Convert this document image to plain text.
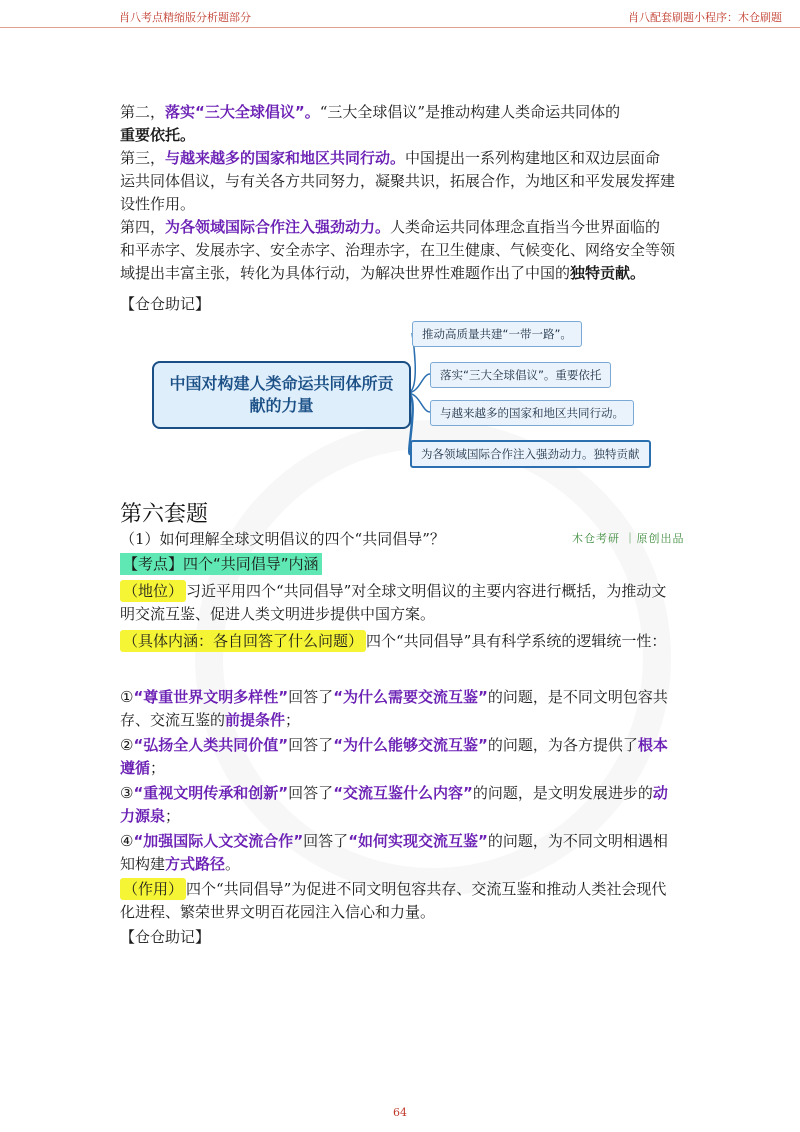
肖八考点精缩版分析题部分	肖八配套刷题小程序：木仓刷题
第二，落实“三大全球倡议”。“三大全球倡议”是推动构建人类命运共同体的
重要依托。
第三，与越来越多的国家和地区共同行动。中国提出一系列构建地区和双边层面命运共同体倡议，与有关各方共同努力，凝聚共识，拓展合作，为地区和平发展发挥建设性作用。
第四，为各领域国际合作注入强劲动力。人类命运共同体理念直指当今世界面临的和平赤字、发展赤字、安全赤字、治理赤字，在卫生健康、气候变化、网络安全等领域提出丰富主张，转化为具体行动，为解决世界性难题作出了中国的独特贡献。
【仓仓助记】
中国对构建人类命运共同体所贡献的力量
推动高质量共建“一带一路”。
落实“三大全球倡议”。重要依托
与越来越多的国家和地区共同行动。
为各领域国际合作注入强劲动力。独特贡献
第六套题
（1）如何理解全球文明倡议的四个“共同倡导”？	木仓考研 ｜原创出品
【考点】四个“共同倡导”内涵
（地位） 习近平用四个“共同倡导”对全球文明倡议的主要内容进行概括，为推动文明交流互鉴、促进人类文明进步提供中国方案。
（具体内涵：各自回答了什么问题） 四个“共同倡导”具有科学系统的逻辑统一性：
①“尊重世界文明多样性”回答了“为什么需要交流互鉴”的问题，是不同文明包容共存、交流互鉴的前提条件；
②“弘扬全人类共同价值”回答了“为什么能够交流互鉴”的问题，为各方提供了根本遵循；
③“重视文明传承和创新”回答了“交流互鉴什么内容”的问题，是文明发展进步的动力源泉；
④“加强国际人文交流合作”回答了“如何实现交流互鉴”的问题，为不同文明相遇相知构建方式路径。
（作用） 四个“共同倡导”为促进不同文明包容共存、交流互鉴和推动人类社会现代化进程、繁荣世界文明百花园注入信心和力量。
【仓仓助记】
64
